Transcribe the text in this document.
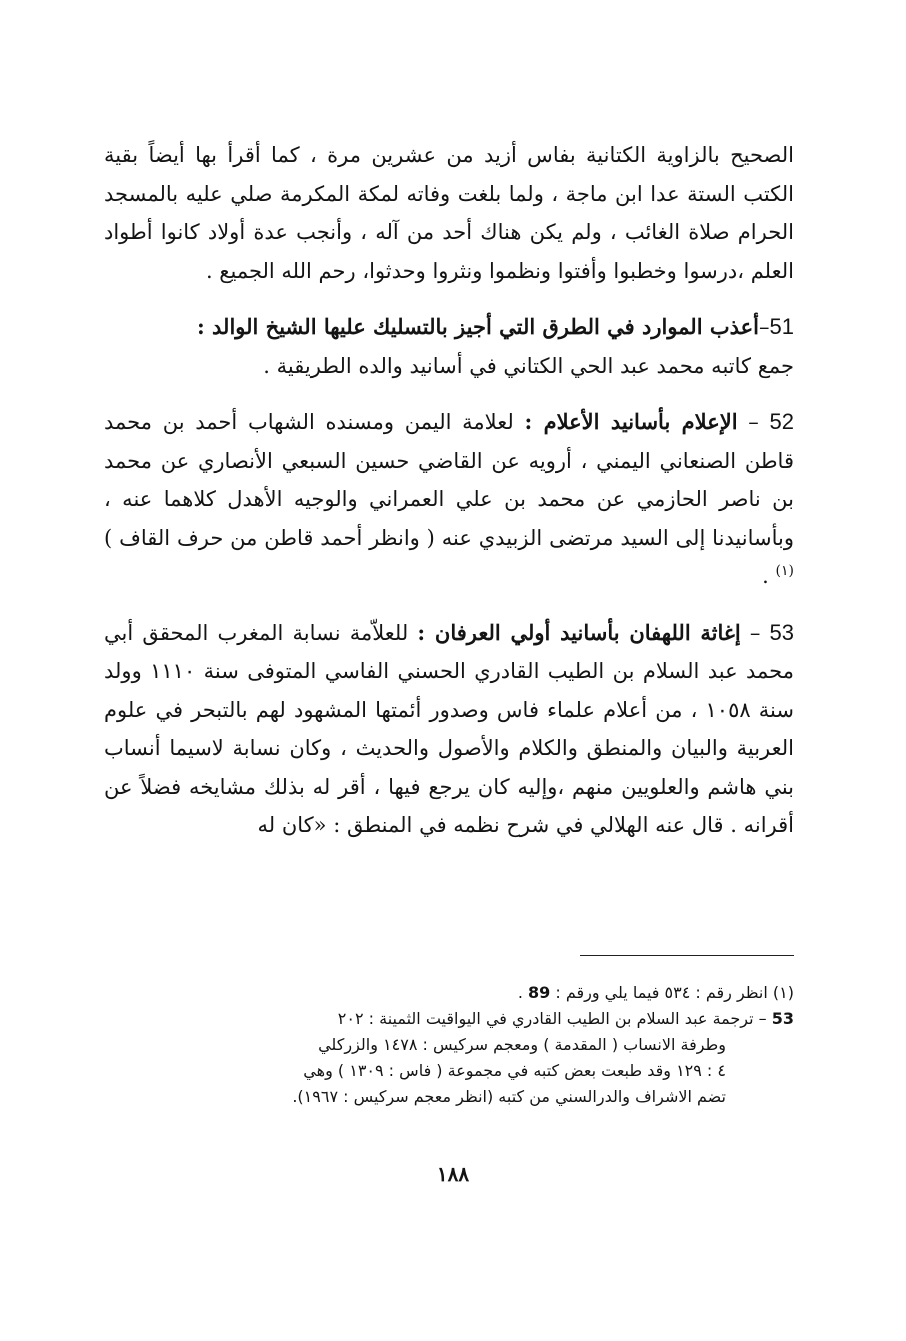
الصحيح بالزاوية الكتانية بفاس أزيد من عشرين مرة ، كما أقرأ بها أيضاً بقية الكتب الستة عدا ابن ماجة ، ولما بلغت وفاته لمكة المكرمة صلي عليه بالمسجد الحرام صلاة الغائب ، ولم يكن هناك أحد من آله ، وأنجب عدة أولاد كانوا أطواد العلم ،درسوا وخطبوا وأفتوا ونظموا ونثروا وحدثوا، رحم الله الجميع .

51–أعذب الموارد في الطرق التي أجيز بالتسليك عليها الشيخ الوالد :
جمع كاتبه محمد عبد الحي الكتاني في أسانيد والده الطريقية .

52 – الإعلام بأسانيد الأعلام : لعلامة اليمن ومسنده الشهاب أحمد بن محمد قاطن الصنعاني اليمني ، أرويه عن القاضي حسين السبعي الأنصاري عن محمد بن ناصر الحازمي عن محمد بن علي العمراني والوجيه الأهدل كلاهما عنه ، وبأسانيدنا إلى السيد مرتضى الزبيدي عنه ( وانظر أحمد قاطن من حرف القاف ) $^{(١)}$ .

53 – إغاثة اللهفان بأسانيد أولي العرفان : للعلاّمة نسابة المغرب المحقق أبي محمد عبد السلام بن الطيب القادري الحسني الفاسي المتوفى سنة ١١١٠ وولد سنة ١٠٥٨ ، من أعلام علماء فاس وصدور أئمتها المشهود لهم بالتبحر في علوم العربية والبيان والمنطق والكلام والأصول والحديث ، وكان نسابة لاسيما أنساب بني هاشم والعلويين منهم ،وإليه كان يرجع فيها ، أقر له بذلك مشايخه فضلاً عن أقرانه . قال عنه الهلالي في شرح نظمه في المنطق : «كان له

(١) انظر رقم : ٥٣٤ فيما يلي ورقم : 89 .

53 – ترجمة عبد السلام بن الطيب القادري في اليواقيت الثمينة : ٢٠٢

وطرفة الانساب ( المقدمة ) ومعجم سركيس : ١٤٧٨ والزركلي

٤ : ١٢٩ وقد طبعت بعض كتبه في مجموعة ( فاس : ١٣٠٩ ) وهي

تضم الاشراف والدرالسني من كتبه (انظر معجم سركيس : ١٩٦٧).

١٨٨
